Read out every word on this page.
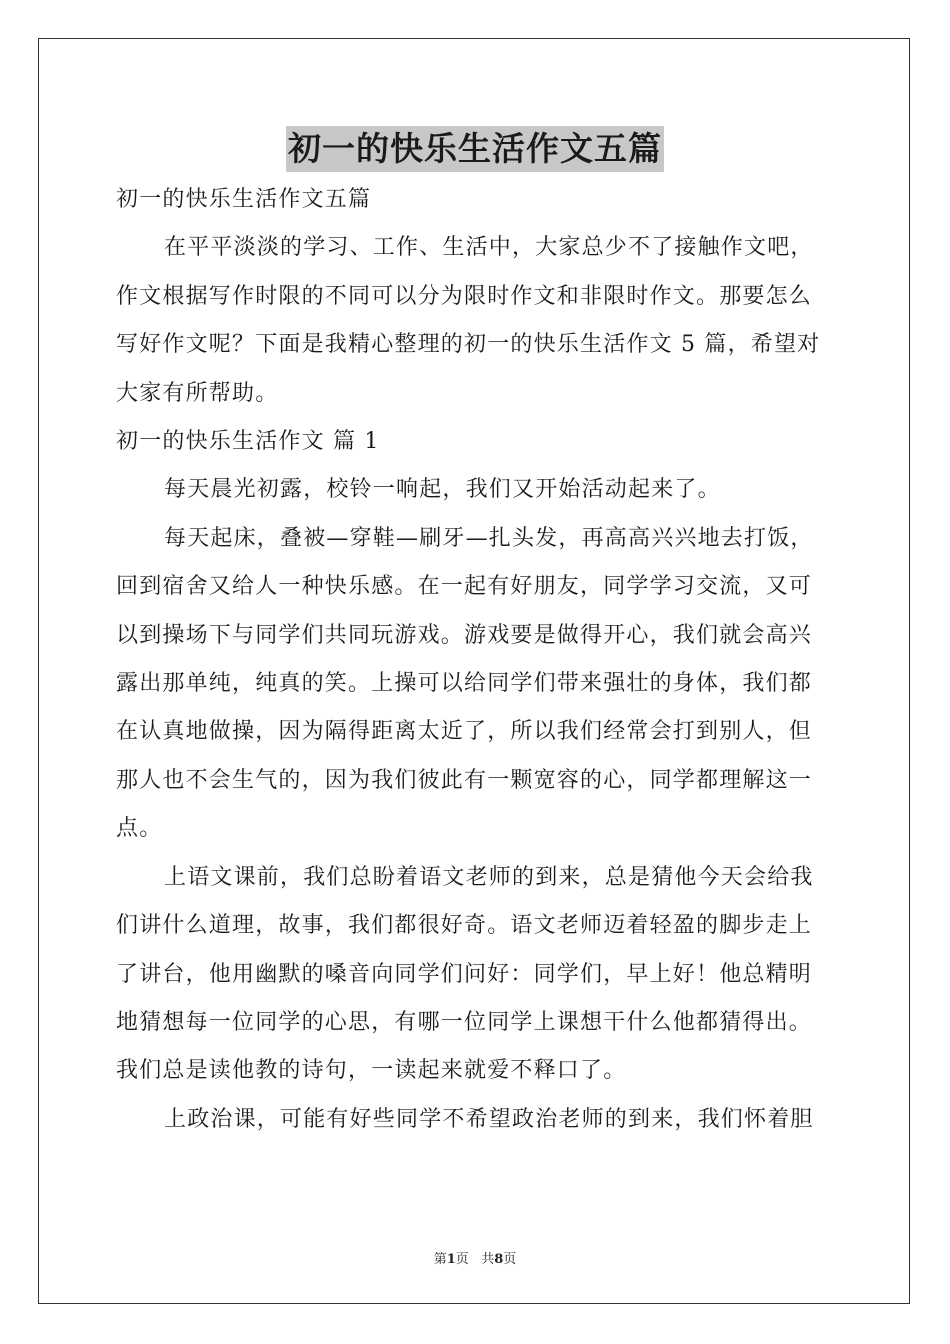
初一的快乐生活作文五篇
初一的快乐生活作文五篇
在平平淡淡的学习、工作、生活中，大家总少不了接触作文吧，
作文根据写作时限的不同可以分为限时作文和非限时作文。那要怎么
写好作文呢？下面是我精心整理的初一的快乐生活作文 5 篇，希望对
大家有所帮助。
初一的快乐生活作文 篇 1
每天晨光初露，校铃一响起，我们又开始活动起来了。
每天起床，叠被—穿鞋—刷牙—扎头发，再高高兴兴地去打饭，
回到宿舍又给人一种快乐感。在一起有好朋友，同学学习交流，又可
以到操场下与同学们共同玩游戏。游戏要是做得开心，我们就会高兴
露出那单纯，纯真的笑。上操可以给同学们带来强壮的身体，我们都
在认真地做操，因为隔得距离太近了，所以我们经常会打到别人，但
那人也不会生气的，因为我们彼此有一颗宽容的心，同学都理解这一
点。
上语文课前，我们总盼着语文老师的到来，总是猜他今天会给我
们讲什么道理，故事，我们都很好奇。语文老师迈着轻盈的脚步走上
了讲台，他用幽默的嗓音向同学们问好：同学们，早上好！他总精明
地猜想每一位同学的心思，有哪一位同学上课想干什么他都猜得出。
我们总是读他教的诗句，一读起来就爱不释口了。
上政治课，可能有好些同学不希望政治老师的到来，我们怀着胆
第1页 共8页
